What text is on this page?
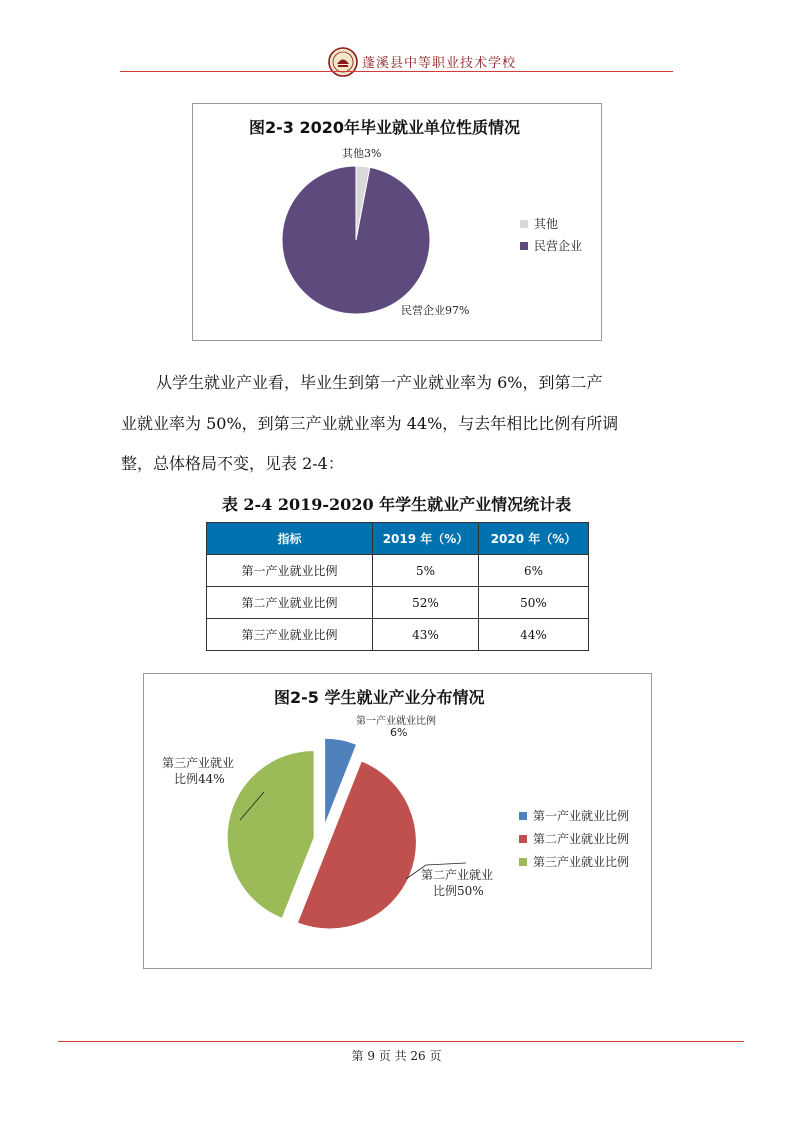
蓬溪县中等职业技术学校
图2-3 2020年毕业就业单位性质情况
其他3%
民营企业97%
其他
民营企业
从学生就业产业看，毕业生到第一产业就业率为 6%，到第二产
业就业率为 50%，到第三产业就业率为 44%，与去年相比比例有所调
整，总体格局不变，见表 2-4：
表 2-4 2019-2020 年学生就业产业情况统计表
指标	2019 年（%）	2020 年（%）
第一产业就业比例	5%	6%
第二产业就业比例	52%	50%
第三产业就业比例	43%	44%
图2-5 学生就业产业分布情况
第一产业就业比例
6%
第三产业就业
比例44%
第二产业就业
比例50%
第一产业就业比例
第二产业就业比例
第三产业就业比例
第 9 页 共 26 页
